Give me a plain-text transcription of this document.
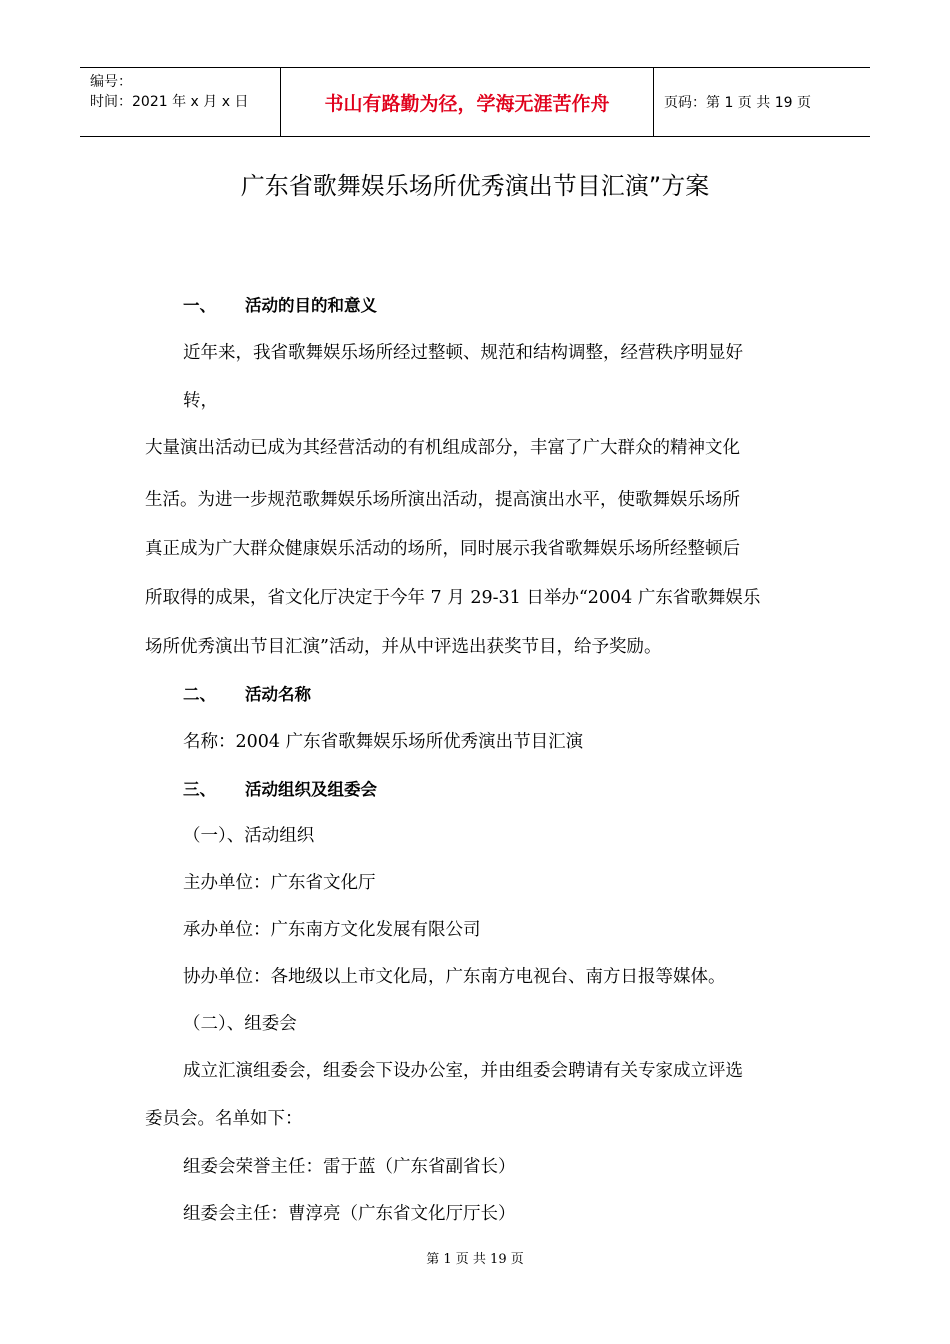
编号：
时间：2021 年 x 月 x 日	书山有路勤为径，学海无涯苦作舟	页码：第 1 页 共 19 页
广东省歌舞娱乐场所优秀演出节目汇演”方案
一、 活动的目的和意义
近年来，我省歌舞娱乐场所经过整顿、规范和结构调整，经营秩序明显好
转，
大量演出活动已成为其经营活动的有机组成部分，丰富了广大群众的精神文化
生活。为进一步规范歌舞娱乐场所演出活动，提高演出水平，使歌舞娱乐场所
真正成为广大群众健康娱乐活动的场所，同时展示我省歌舞娱乐场所经整顿后
所取得的成果，省文化厅决定于今年 7 月 29-31 日举办“2004 广东省歌舞娱乐
场所优秀演出节目汇演”活动，并从中评选出获奖节目，给予奖励。
二、 活动名称
名称：2004 广东省歌舞娱乐场所优秀演出节目汇演
三、 活动组织及组委会
（一）、活动组织
主办单位：广东省文化厅
承办单位：广东南方文化发展有限公司
协办单位：各地级以上市文化局，广东南方电视台、南方日报等媒体。
（二）、组委会
成立汇演组委会，组委会下设办公室，并由组委会聘请有关专家成立评选
委员会。名单如下：
组委会荣誉主任：雷于蓝（广东省副省长）
组委会主任：曹淳亮（广东省文化厅厅长）
第 1 页 共 19 页
